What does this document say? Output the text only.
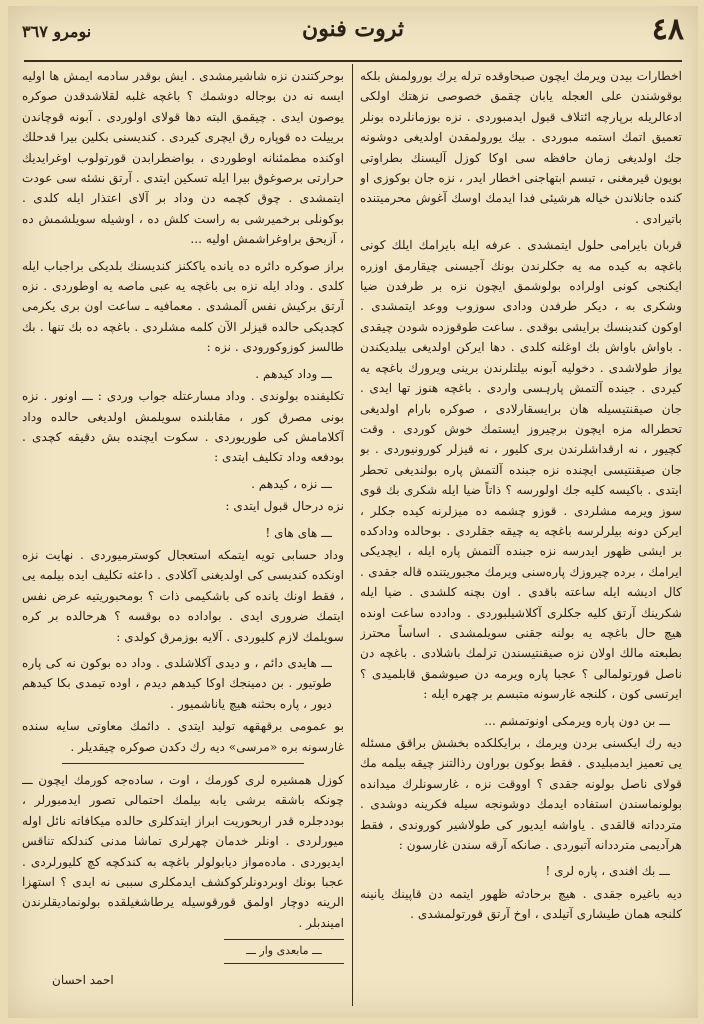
٤٨
ثروت فنون
نومرو ٣٦٧

اخطارات بيدن ويرمك ايچون صبحاوقده ترله يرك بورولمش بلكه بوقوشندن على العجله يابان چقمق خصوصى نزهتك اولكى ادعالريله برپارچه ائتلاف قبول ايدمبوردى . نزه بوزمانلرده بونلر تعميق اتمك استمه مبوردى . بيك يورولمقدن اولديغى دوشونه جك اولديغى زمان حافظه سى اوكا كوزل آليسنك بطراوتى بويون قيرمغنى ، تبسم ابتهاجنى اخطار ايدر ، نزه جان بوكوزى او كنده جانلاندن خياله هرشيئى فدا ايدمك اوسك آغوش محرميتنده باتيرادى .

قربان بايرامى حلول ايتمشدى . عرفه ايله بايرامك ايلك كونى باغچه به كيده مه يه جكلرندن بونك آجيسنى چيقارمق اوزره ايكنجى كونى اولراده بولوشمق ايچون نزه بر طرفدن ضيا وشكرى به ، ديكر طرفدن ودادى سوزوب ووعد ايتمشدى . اوكون كندينسك برايشى بوقدى . ساعت طوقوزده شودن چيقدى . باواش باواش بك اوغلنه كلدى . دها ايركن اولديغى بيلديكندن يواز طولاشدى . دخوليه آبونه بيلتلرندن برينى ويرورك باغچه يه كيردى . جينده آلتمش پارہسى واردى . باغچه هنوز تها ايدى . جان صيقنتيسيله هان برايسقارلادى ، صوكره بارام اولديغى تحطراله مزه ايچون برچيروز ايستمك خوش كوردى . وقت كچيور ، نه ارقداشلرندن برى كليور ، نه قيزلر كورونيوردى . بو جان صيقنتيسى ايچنده نزه جبنده آلتمش پاره بولنديغى تحطر ايتدى . باكيسه كليه جك اولورسه ؟ ذاتاً ضيا ايله شكرى بك قوى سوز ويرمه مشلردى . قوزو چشمه ده ميزلرنه كيده جكلر ، ايركن دونه بيلرلرسه باغچه يه چيقه جقلردى . بوحالده ودادكده بر ايشى ظهور ايدرسه نزه جبنده آلتمش پاره ايله ، ايچديكى ايرامك ، برده چيروزك پارەسنى ويرمك مجبوريتنده قاله جقدى . كال اديشه ايله ساعته باقدى . اون بچنه كلشدى . ضيا ايله شكرينك آرتق كليه جكلرى آكلاشيلبوردى . ودادده ساعت اونده هيچ حال باغچه يه بولنه جقنى سويلمشدى . اساساً محترز بطبعته مالك اولان نزه صيقنتيسندن ترلمك باشلادى . باغچه دن ناصل قورتولمالى ؟ عجبا پاره ويرمه دن صيوشمق قابلميدى ؟ ايرتسى كون ، كلنجه غارسونه متبسم بر چهره ايله :

ـــ بن دون پاره ويرمكى اونوتمشم ...

ديه رك ايكسنى بردن ويرمك ، برايكلكده بخشش براقق مسئله يى تعميز ايدمبليدى . فقط بوكون بوراون رذالتنز چيقه بيلمه مك قولاى ناصل بولونه جقدى ؟ اووقت نزه ، غارسونلرك ميدانده بولونماسندن استفاده ايدمك دوشونجه سيله فكرينه دوشدى . متردداته قالقدى . ياواشه ايديور كى طولاشير كوروندى ، فقط هرآديمى مترددانه آتبوردى . صانكه آرقه سندن غارسون :

ـــ بك افندى ، پاره لرى !

ديه باغيره جقدى . هيچ برحادثه ظهور ايتمه دن قاپينك يانينه كلنجه همان طيشارى آتيلدى ، اوخ آرتق قورتولمشدى .

بوحركتندن نزه شاشيرمشدى . ايش بوقدر سادمه ايمش ها اوليه ايسه نه دن بوجاله دوشمك ؟ باغچه غلبه لقلاشدقدن صوكره يوصون ايدى . چيقمق البته دها قولاى اولوردى . آبونه قوچاندن برييلت ده قوپاره رق ايچرى كيردى . كنديسنى بكلين بيرا قدحلك اوكنده مطمئنانه اوطوردى ، بواضطرابدن قورتولوب اوغرايديك حرارتى برصوغوق بيرا ايله تسكين ايتدى . آرتق نشئه سى عودت ايتمشدى . چوق كچمه دن وداد بر آلاى اعتذار ايله كلدى . بوكونلى برخميرشى به راست كلش ده ، اوشيله سويلشمش ده ، آزيحق براوغراشمش اوليه ...

براز صوكره دائره ده يانده ياككنز كنديسنك بلديكى براجباب ايله كلدى . وداد ايله نزه بى باغچه يه عبى ماصه يه اوطوردى . نزه آرتق بركيش نفس آلمشدى . معمافيه ـ ساعت اون برى يكرمى كچديكى حالده قيزلر الآن كلمه مشلردى . باغچه ده بك تنها . بك طالسز كوزوكورودى . نزه :

ـــ وداد كيدهم .

تكليفنده بولوندى . وداد مسارعتله جواب وردى : ـــ اونور . نزه بونى مصرق كور ، مقابلنده سويلمش اولديغى حالده وداد آكلامامش كى طوريوردى . سكوت ايچنده بش دقيقه كچدى . بودفعه وداد تكليف ايتدى :

ـــ نزه ، كيدهم .

نزه درحال قبول ايتدى :

ـــ هاى هاى !

وداد حسابى تويه ايتمكه استعجال كوسترميوردى . نهايت نزه اونكده كنديسى كى اولديغنى آكلادى . داعثه تكليف ايده بيلمه يى ، فقط اونك يانده كى باشكيمى ذات ؟ بومحبوريتيه عرض نفس ايتمك ضرورى ايدى . بواداده ده بوقسه ؟ هرحالده بر كره سويلمك لازم كليوردى . آلايه بوزمرق كولدى :

ـــ هايدى دائم ، و ديدى آكلاشلدى . وداد ده بوكون نه كى پاره طوتيور . بن دمينجك اوكا كيدهم ديدم ، اوده تيمدى بكا كيدهم ديور ، پاره بحثنه هيچ ياناشميور .

بو عمومى برقهقهه توليد ايتدى . دائمك معاوتى سايه سنده غارسونه بره «مرسى» ديه رك دكدن صوكره چيقديلر .

كوزل همشيره لرى كورمك ، اوت ، سادەجه كورمك ايچون ـــ چونكه باشقه برشى يابه بيلمك احتمالى تصور ايدمبورلر ، بوددجلره قدر اربحوريت ابراز ايتدكلرى حالده ميكافاته نائل اوله ميورلردى . اونلر خدمان چهرلرى تماشا مدنى كندلكه تناقس ايديوردى . مادەمواز ديابولولر باغچه به كندكچه كچ كليورلردى . عجبا بونك اوبردونلركوكشف ايدمكلرى سببى نه ايدى ؟ استهزا الرينه دوچار اولمق قورقوسيله يرطاشغيلقده بولونماديقلرندن اميندبلر .

ـــ مابعدى وار ـــ

احمد احسان
